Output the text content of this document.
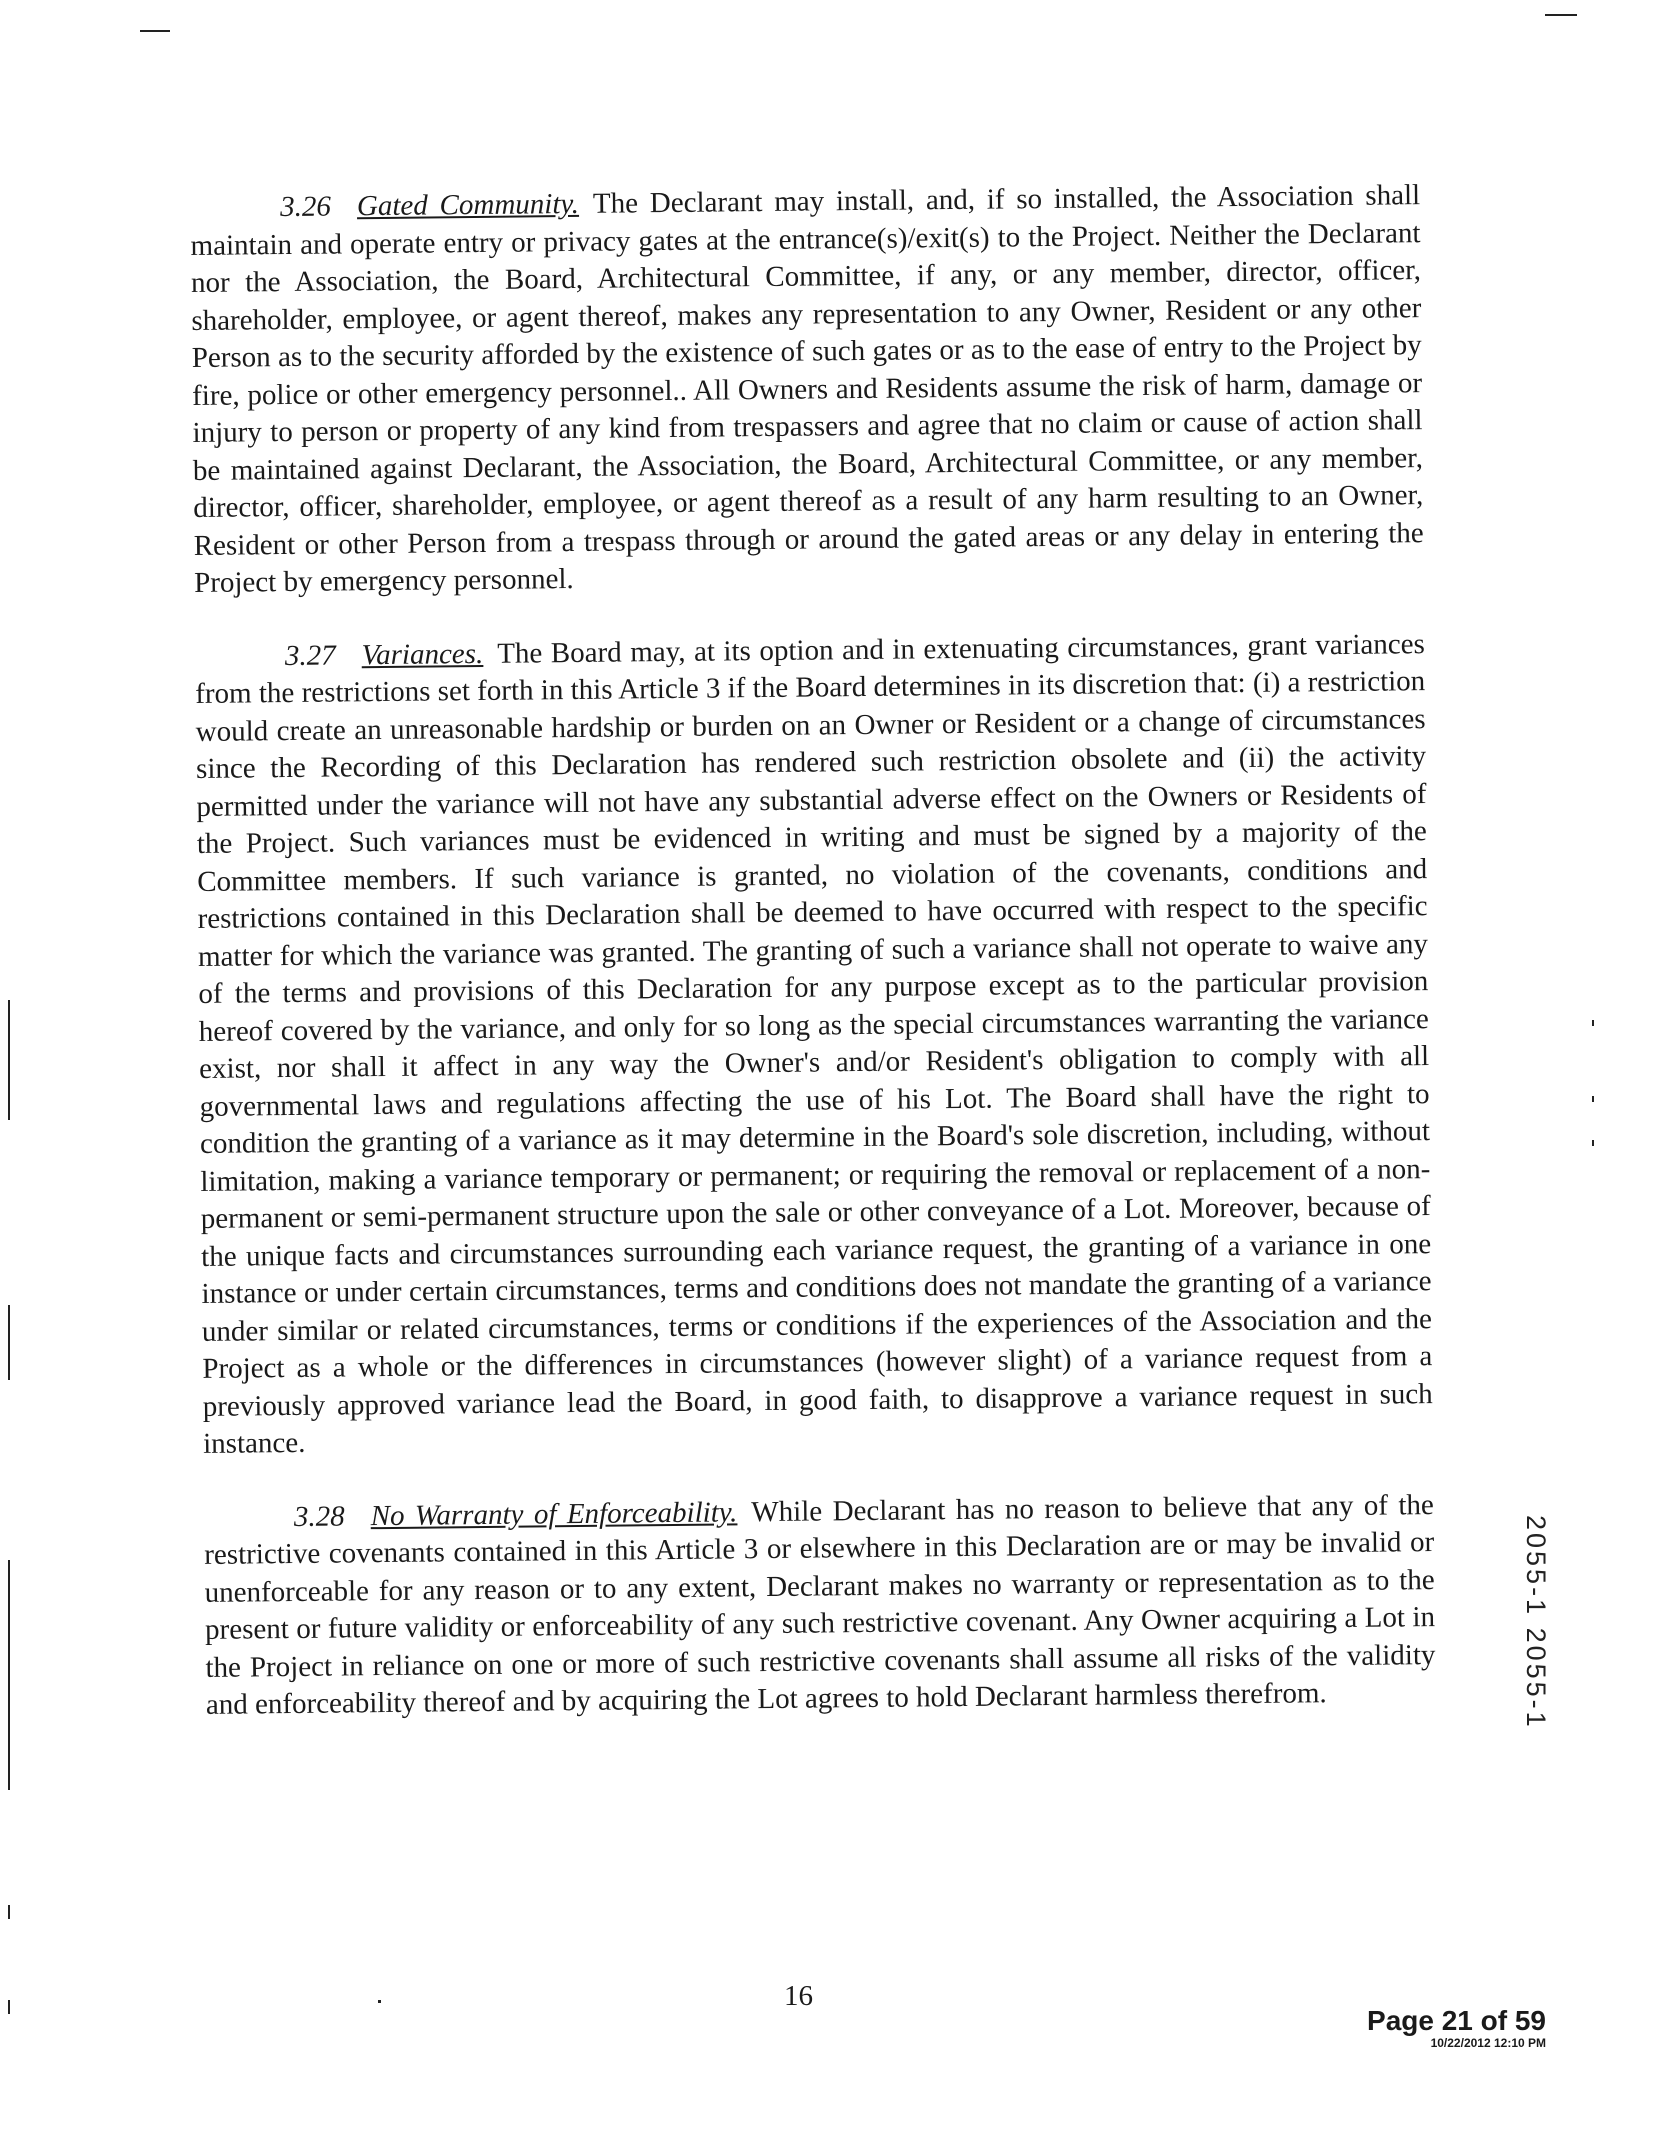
3.26 Gated Community. The Declarant may install, and, if so installed, the Association shall maintain and operate entry or privacy gates at the entrance(s)/exit(s) to the Project. Neither the Declarant nor the Association, the Board, Architectural Committee, if any, or any member, director, officer, shareholder, employee, or agent thereof, makes any representation to any Owner, Resident or any other Person as to the security afforded by the existence of such gates or as to the ease of entry to the Project by fire, police or other emergency personnel.. All Owners and Residents assume the risk of harm, damage or injury to person or property of any kind from trespassers and agree that no claim or cause of action shall be maintained against Declarant, the Association, the Board, Architectural Committee, or any member, director, officer, shareholder, employee, or agent thereof as a result of any harm resulting to an Owner, Resident or other Person from a trespass through or around the gated areas or any delay in entering the Project by emergency personnel.

3.27 Variances. The Board may, at its option and in extenuating circumstances, grant variances from the restrictions set forth in this Article 3 if the Board determines in its discretion that: (i) a restriction would create an unreasonable hardship or burden on an Owner or Resident or a change of circumstances since the Recording of this Declaration has rendered such restriction obsolete and (ii) the activity permitted under the variance will not have any substantial adverse effect on the Owners or Residents of the Project. Such variances must be evidenced in writing and must be signed by a majority of the Committee members. If such variance is granted, no violation of the covenants, conditions and restrictions contained in this Declaration shall be deemed to have occurred with respect to the specific matter for which the variance was granted. The granting of such a variance shall not operate to waive any of the terms and provisions of this Declaration for any purpose except as to the particular provision hereof covered by the variance, and only for so long as the special circumstances warranting the variance exist, nor shall it affect in any way the Owner's and/or Resident's obligation to comply with all governmental laws and regulations affecting the use of his Lot. The Board shall have the right to condition the granting of a variance as it may determine in the Board's sole discretion, including, without limitation, making a variance temporary or permanent; or requiring the removal or replacement of a non-permanent or semi-permanent structure upon the sale or other conveyance of a Lot. Moreover, because of the unique facts and circumstances surrounding each variance request, the granting of a variance in one instance or under certain circumstances, terms and conditions does not mandate the granting of a variance under similar or related circumstances, terms or conditions if the experiences of the Association and the Project as a whole or the differences in circumstances (however slight) of a variance request from a previously approved variance lead the Board, in good faith, to disapprove a variance request in such instance.

3.28 No Warranty of Enforceability. While Declarant has no reason to believe that any of the restrictive covenants contained in this Article 3 or elsewhere in this Declaration are or may be invalid or unenforceable for any reason or to any extent, Declarant makes no warranty or representation as to the present or future validity or enforceability of any such restrictive covenant. Any Owner acquiring a Lot in the Project in reliance on one or more of such restrictive covenants shall assume all risks of the validity and enforceability thereof and by acquiring the Lot agrees to hold Declarant harmless therefrom.	2055-1 2055-1
16
Page 21 of 59
10/22/2012 12:10 PM
